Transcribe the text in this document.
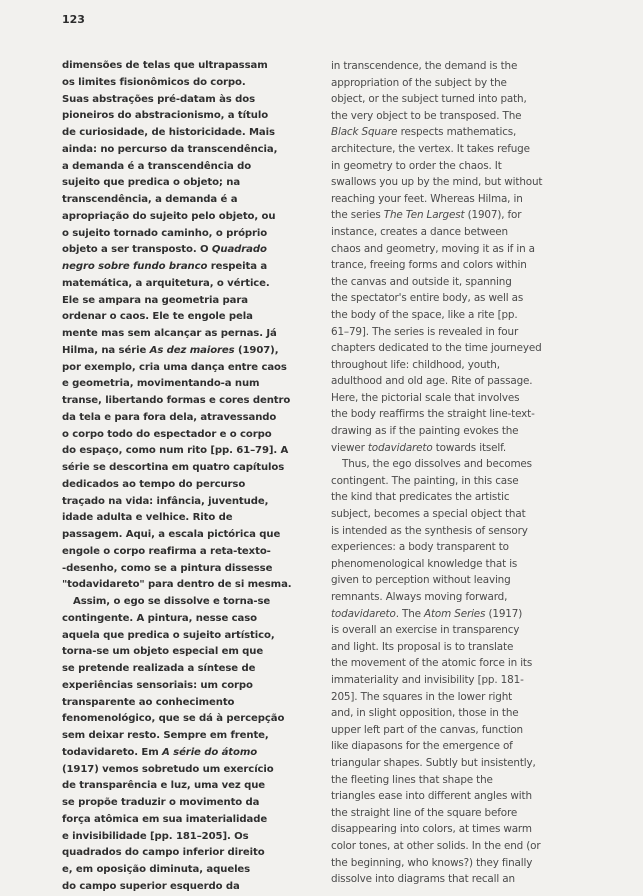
123
dimensões de telas que ultrapassam
os limites fisionômicos do corpo.
Suas abstrações pré-datam às dos
pioneiros do abstracionismo, a título
de curiosidade, de historicidade. Mais
ainda: no percurso da transcendência,
a demanda é a transcendência do
sujeito que predica o objeto; na
transcendência, a demanda é a
apropriação do sujeito pelo objeto, ou
o sujeito tornado caminho, o próprio
objeto a ser transposto. O Quadrado
negro sobre fundo branco respeita a
matemática, a arquitetura, o vértice.
Ele se ampara na geometria para
ordenar o caos. Ele te engole pela
mente mas sem alcançar as pernas. Já
Hilma, na série As dez maiores (1907),
por exemplo, cria uma dança entre caos
e geometria, movimentando-a num
transe, libertando formas e cores dentro
da tela e para fora dela, atravessando
o corpo todo do espectador e o corpo
do espaço, como num rito [pp. 61–79]. A
série se descortina em quatro capítulos
dedicados ao tempo do percurso
traçado na vida: infância, juventude,
idade adulta e velhice. Rito de
passagem. Aqui, a escala pictórica que
engole o corpo reafirma a reta-texto-
-desenho, como se a pintura dissesse
"todavidareto" para dentro de si mesma.
Assim, o ego se dissolve e torna-se
contingente. A pintura, nesse caso
aquela que predica o sujeito artístico,
torna-se um objeto especial em que
se pretende realizada a síntese de
experiências sensoriais: um corpo
transparente ao conhecimento
fenomenológico, que se dá à percepção
sem deixar resto. Sempre em frente,
todavidareto. Em A série do átomo
(1917) vemos sobretudo um exercício
de transparência e luz, uma vez que
se propõe traduzir o movimento da
força atômica em sua imaterialidade
e invisibilidade [pp. 181–205]. Os
quadrados do campo inferior direito
e, em oposição diminuta, aqueles
do campo superior esquerdo da
in transcendence, the demand is the
appropriation of the subject by the
object, or the subject turned into path,
the very object to be transposed. The
Black Square respects mathematics,
architecture, the vertex. It takes refuge
in geometry to order the chaos. It
swallows you up by the mind, but without
reaching your feet. Whereas Hilma, in
the series The Ten Largest (1907), for
instance, creates a dance between
chaos and geometry, moving it as if in a
trance, freeing forms and colors within
the canvas and outside it, spanning
the spectator's entire body, as well as
the body of the space, like a rite [pp.
61–79]. The series is revealed in four
chapters dedicated to the time journeyed
throughout life: childhood, youth,
adulthood and old age. Rite of passage.
Here, the pictorial scale that involves
the body reaffirms the straight line-text-
drawing as if the painting evokes the
viewer todavidareto towards itself.
Thus, the ego dissolves and becomes
contingent. The painting, in this case
the kind that predicates the artistic
subject, becomes a special object that
is intended as the synthesis of sensory
experiences: a body transparent to
phenomenological knowledge that is
given to perception without leaving
remnants. Always moving forward,
todavidareto. The Atom Series (1917)
is overall an exercise in transparency
and light. Its proposal is to translate
the movement of the atomic force in its
immateriality and invisibility [pp. 181-
205]. The squares in the lower right
and, in slight opposition, those in the
upper left part of the canvas, function
like diapasons for the emergence of
triangular shapes. Subtly but insistently,
the fleeting lines that shape the
triangles ease into different angles with
the straight line of the square before
disappearing into colors, at times warm
color tones, at other solids. In the end (or
the beginning, who knows?) they finally
dissolve into diagrams that recall an
